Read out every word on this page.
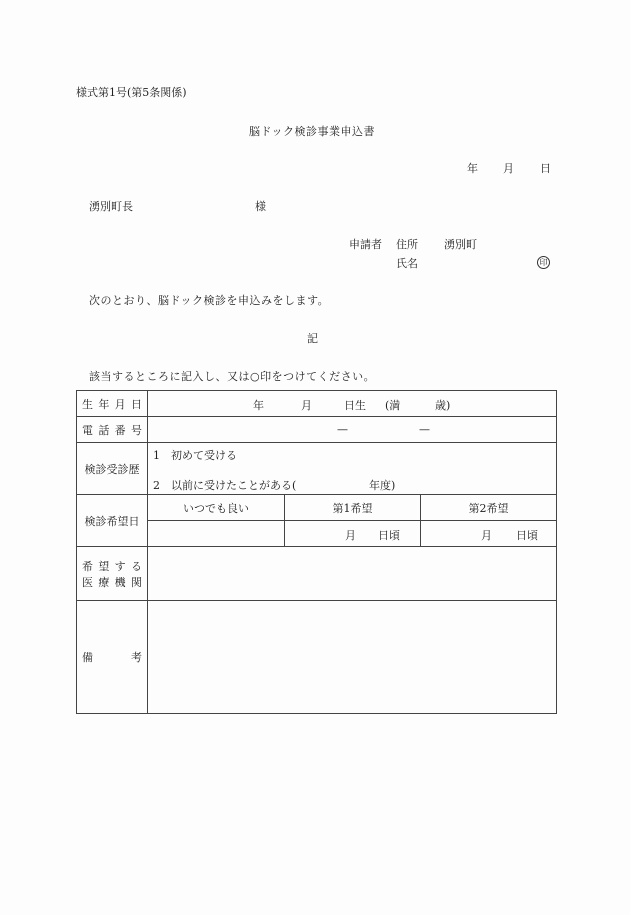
様式第1号(第5条関係)
脳ドック検診事業申込書
年 月 日
湧別町長	様
申請者 住所 湧別町
氏名	印
次のとおり、脳ドック検診を申込みをします。
記
該当するところに記入し、又は○印をつけてください。
生 年 月 日	年 月 日生 (満 歳)		

電 話 番 号	— —		

検診受診歴	1　初めて受ける
2　以前に受けたことがある( 年度)		

検診希望日	いつでも良い	第1希望	第2希望

		月 日頃	月 日頃

希 望 す る
医 療 機 関

備 考			
